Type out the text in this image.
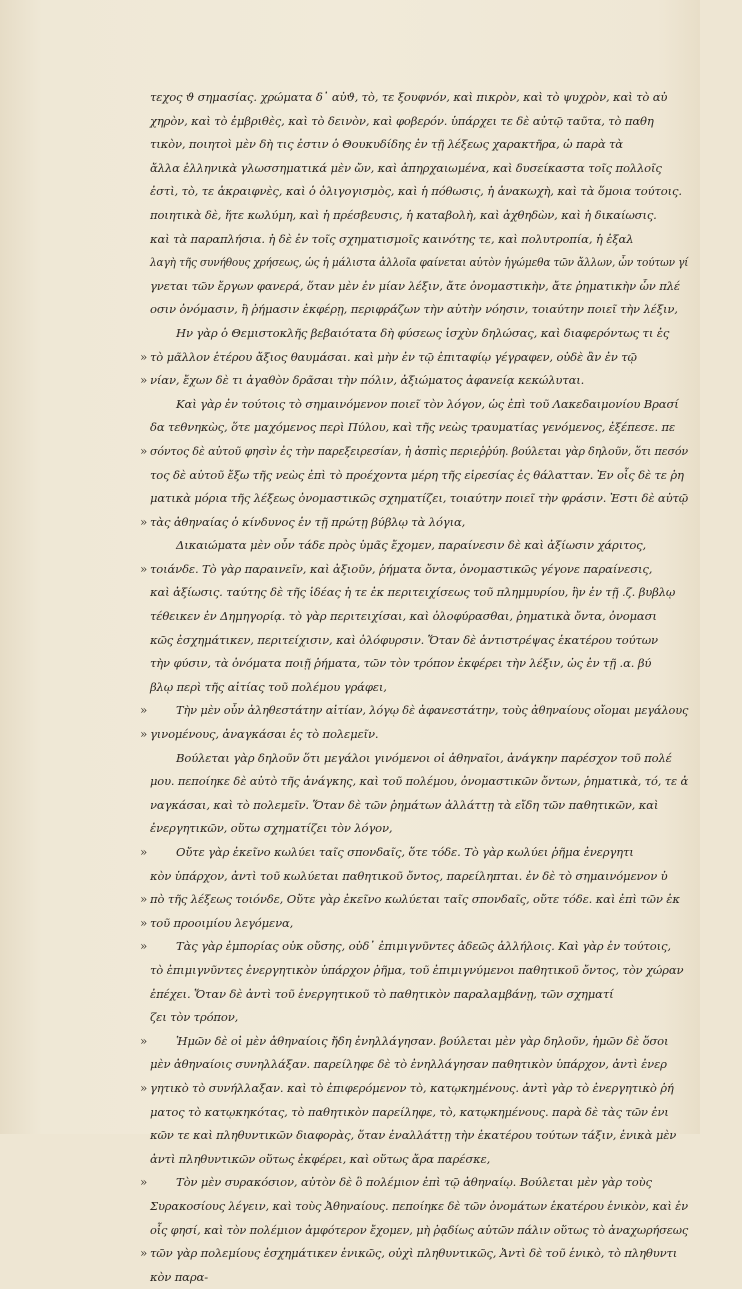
τεχος ϑ σημασίας. χρώματα δ᾽ αὐϑ, τὸ, τε ξουφνόν, καὶ πικρὸν, καὶ τὸ ψυχρὸν, καὶ τὸ αὐ
χηρὸν, καὶ τὸ ἐμβριθὲς, καὶ τὸ δεινὸν, καὶ φοβερόν. ὑπάρχει τε δὲ αὐτῷ ταῦτα, τὸ παθη
τικὸν, ποιητοὶ μὲν δὴ τις ἐστιν ὁ Θουκυδίδης ἐν τῇ λέξεως χαρακτῆρα, ὡ παρὰ τὰ
ἄλλα ἐλληνικὰ γλωσσηματικά μὲν ὤν, καὶ ἀπηρχαιωμένα, καὶ δυσείκαστα τοῖς πολλοῖς
ἐστὶ, τὸ, τε ἀκραιφνὲς, καὶ ὁ ὀλιγογισμὸς, καὶ ἡ πόθωσις, ἡ ἀνακωχὴ, καὶ τὰ ὅμοια τούτοις.
ποιητικὰ δὲ, ἥτε κωλύμη, καὶ ἡ πρέσβευσις, ἡ καταβολὴ, καὶ ἀχθηδὼν, καὶ ἡ δικαίωσις.
καὶ τὰ παραπλήσια. ἡ δὲ ἐν τοῖς σχηματισμοῖς καινότης τε, καὶ πολυτροπία, ἡ ἐξαλ
λαγὴ τῆς συνήθους χρήσεως, ὡς ἡ μάλιστα ἀλλοῖα φαίνεται αὐτὸν ἠγώμεθα τῶν ἄλλων, ὧν τούτων γί
γνεται τῶν ἔργων φανερά, ὅταν μὲν ἐν μίαν λέξιν, ἄτε ὀνομαστικὴν, ἄτε ῥηματικὴν ὧν πλέ
οσιν ὀνόμασιν, ἢ ῥήμασιν ἐκφέρῃ, περιφράζων τὴν αὐτὴν νόησιν, τοιαύτην ποιεῖ τὴν λέξιν,
Ην γὰρ ὁ Θεμιστοκλῆς βεβαιότατα δὴ φύσεως ἰσχὺν δηλώσας, καὶ διαφερόντως τι ἐς
» τὸ μᾶλλον ἑτέρου ἄξιος θαυμάσαι. καὶ μὴν ἐν τῷ ἐπιταφίῳ γέγραφεν, οὐδὲ ἂν ἐν τῷ
» νίαν, ἔχων δὲ τι ἀγαθὸν δρᾶσαι τὴν πόλιν, ἀξιώματος ἀφανείᾳ κεκώλυται.
Καὶ γὰρ ἐν τούτοις τὸ σημαινόμενον ποιεῖ τὸν λόγον, ὡς ἐπὶ τοῦ Λακεδαιμονίου Βρασί
δα τεθνηκὼς, ὅτε μαχόμενος περὶ Πύλου, καὶ τῆς νεὼς τραυματίας γενόμενος, ἐξέπεσε. πε
» σόντος δὲ αὐτοῦ φησὶν ἐς τὴν παρεξειρεσίαν, ἡ ἀσπὶς περιεῤῥύη. βούλεται γὰρ δηλοῦν, ὅτι πεσόν
τος δὲ αὐτοῦ ἔξω τῆς νεὼς ἐπὶ τὸ προέχοντα μέρη τῆς εἰρεσίας ἐς θάλατταν. Ἐν οἷς δὲ τε ῥη
ματικὰ μόρια τῆς λέξεως ὀνομαστικῶς σχηματίζει, τοιαύτην ποιεῖ τὴν φράσιν. Ἐστι δὲ αὐτῷ
» τὰς ἀθηναίας ὁ κίνδυνος ἐν τῇ πρώτῃ βύβλῳ τὰ λόγια,
Δικαιώματα μὲν οὖν τάδε πρὸς ὑμᾶς ἔχομεν, παραίνεσιν δὲ καὶ ἀξίωσιν χάριτος,
» τοιάνδε. Τὸ γὰρ παραινεῖν, καὶ ἀξιοῦν, ῥήματα ὄντα, ὀνομαστικῶς γέγονε παραίνεσις,
καὶ ἀξίωσις. ταύτης δὲ τῆς ἰδέας ἡ τε ἐκ περιτειχίσεως τοῦ πλημμυρίου, ἣν ἐν τῇ .ζ. βυβλῳ
τέθεικεν ἐν Δημηγορίᾳ. τὸ γὰρ περιτειχίσαι, καὶ ὀλοφύρασθαι, ῥηματικὰ ὄντα, ὀνομασι
κῶς ἐσχημάτικεν, περιτείχισιν, καὶ ὀλόφυρσιν. Ὅταν δὲ ἀντιστρέψας ἑκατέρου τούτων
τὴν φύσιν, τὰ ὀνόματα ποιῇ ῥήματα, τῶν τὸν τρόπον ἐκφέρει τὴν λέξιν, ὡς ἐν τῇ .α. βύ
βλῳ περὶ τῆς αἰτίας τοῦ πολέμου γράφει,
» Τὴν μὲν οὖν ἀληθεστάτην αἰτίαν, λόγῳ δὲ ἀφανεστάτην, τοὺς ἀθηναίους οἴομαι μεγάλους
» γινομένους, ἀναγκάσαι ἐς τὸ πολεμεῖν.
Βούλεται γὰρ δηλοῦν ὅτι μεγάλοι γινόμενοι οἱ ἀθηναῖοι, ἀνάγκην παρέσχον τοῦ πολέ
μου. πεποίηκε δὲ αὐτὸ τῆς ἀνάγκης, καὶ τοῦ πολέμου, ὀνομαστικῶν ὄντων, ῥηματικὰ, τό, τε ἀ
ναγκάσαι, καὶ τὸ πολεμεῖν. Ὅταν δὲ τῶν ῥημάτων ἀλλάττῃ τὰ εἴδη τῶν παθητικῶν, καὶ
ἐνεργητικῶν, οὕτω σχηματίζει τὸν λόγον,
» Οὔτε γὰρ ἐκεῖνο κωλύει ταῖς σπονδαῖς, ὅτε τόδε. Τὸ γὰρ κωλύει ῥῆμα ἐνεργητι
κὸν ὑπάρχον, ἀντὶ τοῦ κωλύεται παθητικοῦ ὄντος, παρείληπται. ἐν δὲ τὸ σημαινόμενον ὑ
» πὸ τῆς λέξεως τοιόνδε, Οὔτε γὰρ ἐκεῖνο κωλύεται ταῖς σπονδαῖς, οὔτε τόδε. καὶ ἐπὶ τῶν ἐκ
» τοῦ προοιμίου λεγόμενα,
» Τὰς γὰρ ἐμπορίας οὐκ οὔσης, οὐδ᾽ ἐπιμιγνῦντες ἀδεῶς ἀλλήλοις. Καὶ γὰρ ἐν τούτοις,
τὸ ἐπιμιγνῦντες ἐνεργητικὸν ὑπάρχον ῥῆμα, τοῦ ἐπιμιγνύμενοι παθητικοῦ ὄντος, τὸν χώραν
ἐπέχει. Ὅταν δὲ ἀντὶ τοῦ ἐνεργητικοῦ τὸ παθητικὸν παραλαμβάνῃ, τῶν σχηματί
ζει τὸν τρόπον,
» Ἡμῶν δὲ οἱ μὲν ἀθηναίοις ἤδη ἐνηλλάγησαν. βούλεται μὲν γὰρ δηλοῦν, ἡμῶν δὲ ὅσοι
μὲν ἀθηναίοις συνηλλάξαν. παρείληφε δὲ τὸ ἐνηλλάγησαν παθητικὸν ὑπάρχον, ἀντὶ ἐνερ
» γητικὸ τὸ συνήλλαξαν. καὶ τὸ ἐπιφερόμενον τὸ, κατῳκημένους. ἀντὶ γὰρ τὸ ἐνεργητικὸ ῥή
ματος τὸ κατῳκηκότας, τὸ παθητικὸν παρείληφε, τὸ, κατῳκημένους. παρὰ δὲ τὰς τῶν ἐνι
κῶν τε καὶ πληθυντικῶν διαφορὰς, ὅταν ἐναλλάττῃ τὴν ἑκατέρου τούτων τάξιν, ἑνικὰ μὲν
ἀντὶ πληθυντικῶν οὕτως ἐκφέρει, καὶ οὕτως ἄρα παρέσκε,
» Τὸν μὲν συρακόσιον, αὐτὸν δὲ ὃ πολέμιον ἐπὶ τῷ ἀθηναίῳ. Βούλεται μὲν γὰρ τοὺς
Συρακοσίους λέγειν, καὶ τοὺς Ἀθηναίους. πεποίηκε δὲ τῶν ὀνομάτων ἑκατέρου ἑνικὸν, καὶ ἐν
οἷς φησί, καὶ τὸν πολέμιον ἀμφότερον ἔχομεν, μὴ ῥᾳδίως αὐτῶν πάλιν οὕτως τὸ ἀναχωρήσεως
» τῶν γὰρ πολεμίους ἐσχημάτικεν ἑνικῶς, οὐχὶ πληθυντικῶς, Ἀντὶ δὲ τοῦ ἑνικὸ, τὸ πληθυντι
κὸν παρα-
